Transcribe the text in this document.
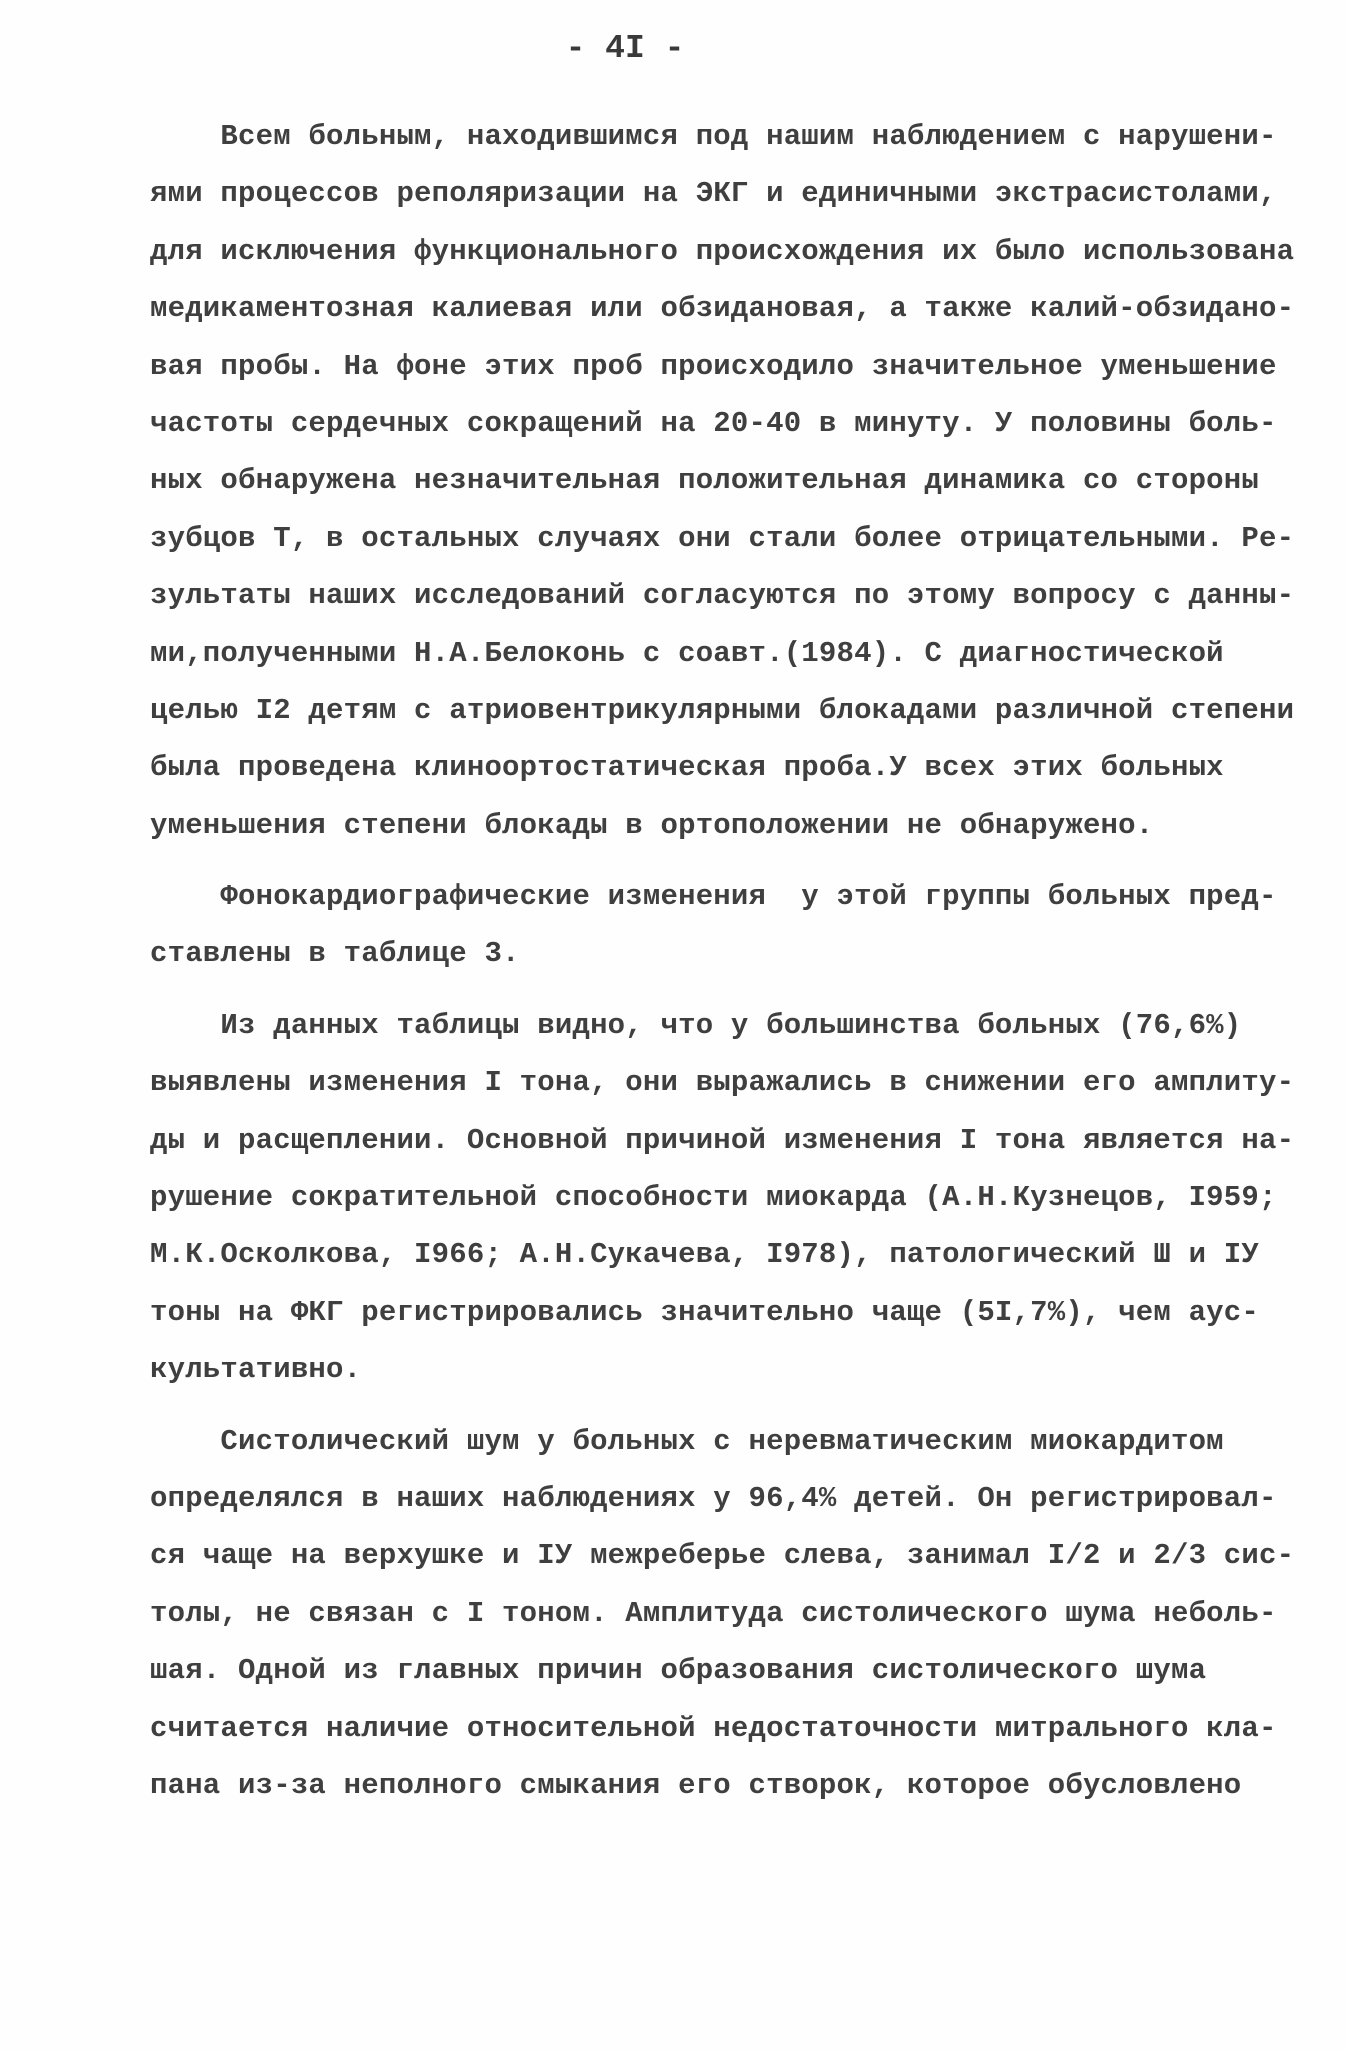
- 4I -
Всем больным, находившимся под нашим наблюдением с нарушени-
ями процессов реполяризации на ЭКГ и единичными экстрасистолами,
для исключения функционального происхождения их было использована
медикаментозная калиевая или обзидановая, а также калий-обзидано-
вая пробы. На фоне этих проб происходило значительное уменьшение
частоты сердечных сокращений на 20-40 в минуту. У половины боль-
ных обнаружена незначительная положительная динамика со стороны
зубцов Т, в остальных случаях они стали более отрицательными. Ре-
зультаты наших исследований согласуются по этому вопросу с данны-
ми,полученными Н.А.Белоконь с соавт.(1984). С диагностической
целью I2 детям с атриовентрикулярными блокадами различной степени
была проведена клиноортостатическая проба.У всех этих больных
уменьшения степени блокады в ортоположении не обнаружено.
Фонокардиографические изменения  у этой группы больных пред-
ставлены в таблице 3.
Из данных таблицы видно, что у большинства больных (76,6%)
выявлены изменения I тона, они выражались в снижении его амплиту-
ды и расщеплении. Основной причиной изменения I тона является на-
рушение сократительной способности миокарда (А.Н.Кузнецов, I959;
М.К.Осколкова, I966; А.Н.Сукачева, I978), патологический Ш и IУ
тоны на ФКГ регистрировались значительно чаще (5I,7%), чем аус-
культативно.
Систолический шум у больных с неревматическим миокардитом
определялся в наших наблюдениях у 96,4% детей. Он регистрировал-
ся чаще на верхушке и IУ межреберье слева, занимал I/2 и 2/3 сис-
толы, не связан с I тоном. Амплитуда систолического шума неболь-
шая. Одной из главных причин образования систолического шума
считается наличие относительной недостаточности митрального кла-
пана из-за неполного смыкания его створок, которое обусловлено
